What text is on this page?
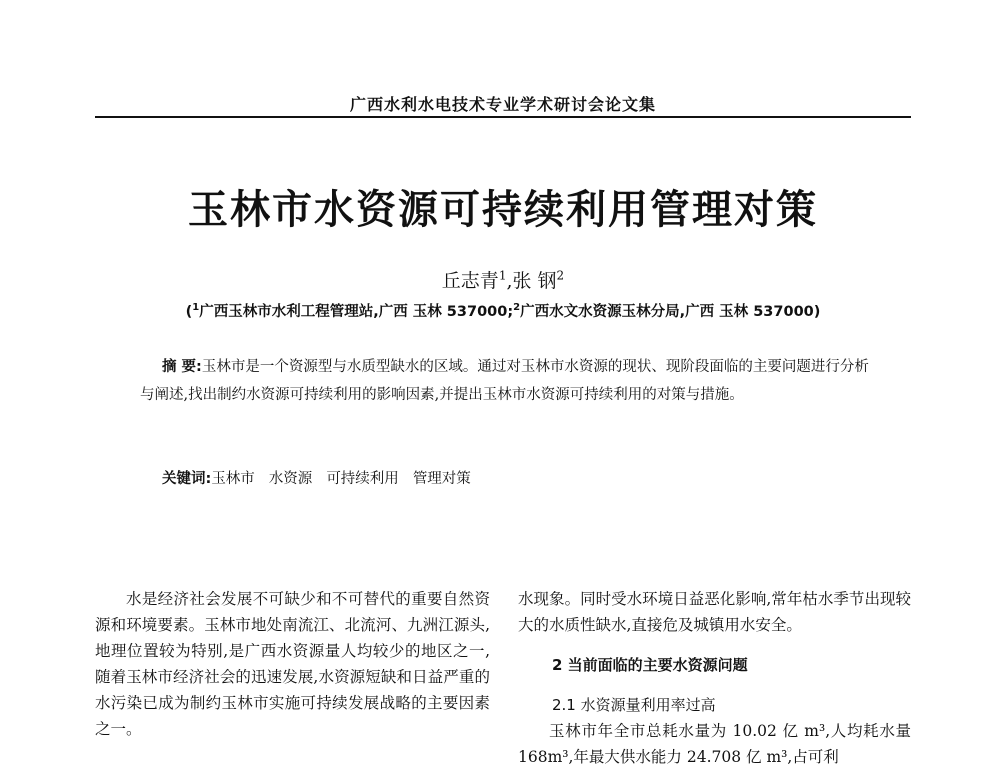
广西水利水电技术专业学术研讨会论文集
玉林市水资源可持续利用管理对策
丘志青$^1$,张 钢$^2$
($^1$广西玉林市水利工程管理站,广西 玉林 537000;$^2$广西水文水资源玉林分局,广西 玉林 537000)
摘 要:玉林市是一个资源型与水质型缺水的区域。通过对玉林市水资源的现状、现阶段面临的主要问题进行分析与阐述,找出制约水资源可持续利用的影响因素,并提出玉林市水资源可持续利用的对策与措施。
关键词:玉林市 水资源 可持续利用 管理对策

水是经济社会发展不可缺少和不可替代的重要自然资源和环境要素。玉林市地处南流江、北流河、九洲江源头,地理位置较为特别,是广西水资源量人均较少的地区之一,随着玉林市经济社会的迅速发展,水资源短缺和日益严重的水污染已成为制约玉林市实施可持续发展战略的主要因素之一。

水现象。同时受水环境日益恶化影响,常年枯水季节出现较大的水质性缺水,直接危及城镇用水安全。

2 当前面临的主要水资源问题
2.1 水资源量利用率过高

玉林市年全市总耗水量为 10.02 亿 m³,人均耗水量 168m³,年最大供水能力 24.708 亿 m³,占可利
